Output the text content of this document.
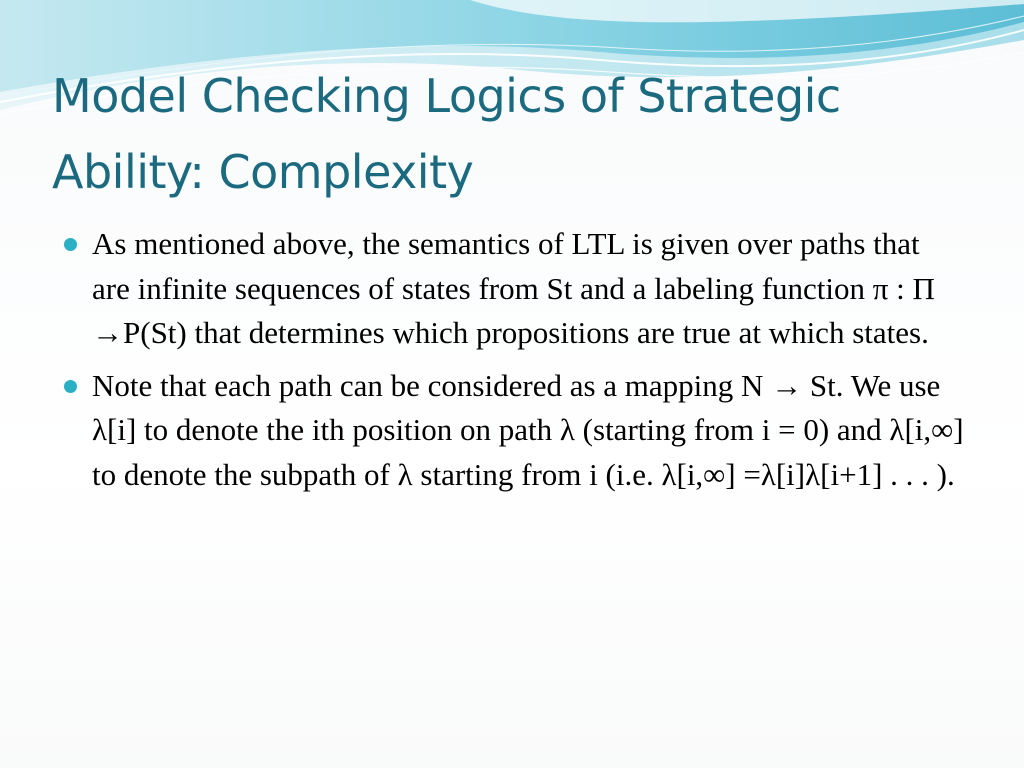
Model Checking Logics of Strategic Ability: Complexity
As mentioned above, the semantics of LTL is given over paths that are infinite sequences of states from St and a labeling function π : Π →P(St) that determines which propositions are true at which states.
Note that each path can be considered as a mapping N → St. We use λ[i] to denote the ith position on path λ (starting from i = 0) and λ[i,∞] to denote the subpath of λ starting from i (i.e. λ[i,∞] =λ[i]λ[i+1] . . . ).
